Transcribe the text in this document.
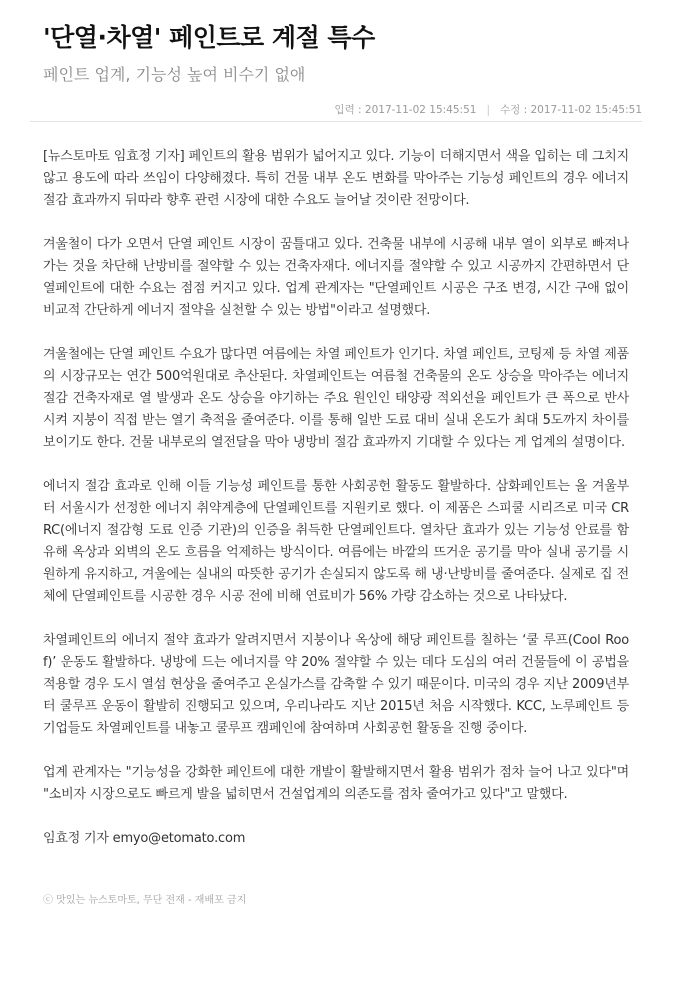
'단열·차열' 페인트로 계절 특수
페인트 업계, 기능성 높여 비수기 없애
입력 : 2017-11-02 15:45:51 | 수정 : 2017-11-02 15:45:51

[뉴스토마토 임효정 기자] 페인트의 활용 범위가 넓어지고 있다. 기능이 더해지면서 색을 입히는 데 그치지 않고 용도에 따라 쓰임이 다양해졌다. 특히 건물 내부 온도 변화를 막아주는 기능성 페인트의 경우 에너지 절감 효과까지 뒤따라 향후 관련 시장에 대한 수요도 늘어날 것이란 전망이다.

겨울철이 다가 오면서 단열 페인트 시장이 꿈틀대고 있다. 건축물 내부에 시공해 내부 열이 외부로 빠져나가는 것을 차단해 난방비를 절약할 수 있는 건축자재다. 에너지를 절약할 수 있고 시공까지 간편하면서 단열페인트에 대한 수요는 점점 커지고 있다. 업계 관계자는 "단열페인트 시공은 구조 변경, 시간 구애 없이 비교적 간단하게 에너지 절약을 실천할 수 있는 방법"이라고 설명했다.

겨울철에는 단열 페인트 수요가 많다면 여름에는 차열 페인트가 인기다. 차열 페인트, 코팅제 등 차열 제품의 시장규모는 연간 500억원대로 추산된다. 차열페인트는 여름철 건축물의 온도 상승을 막아주는 에너지 절감 건축자재로 열 발생과 온도 상승을 야기하는 주요 원인인 태양광 적외선을 페인트가 큰 폭으로 반사시켜 지붕이 직접 받는 열기 축적을 줄여준다. 이를 통해 일반 도료 대비 실내 온도가 최대 5도까지 차이를 보이기도 한다. 건물 내부로의 열전달을 막아 냉방비 절감 효과까지 기대할 수 있다는 게 업계의 설명이다.

에너지 절감 효과로 인해 이들 기능성 페인트를 통한 사회공헌 활동도 활발하다. 삼화페인트는 올 겨울부터 서울시가 선정한 에너지 취약계층에 단열페인트를 지원키로 했다. 이 제품은 스피쿨 시리즈로 미국 CRRC(에너지 절감형 도료 인증 기관)의 인증을 취득한 단열페인트다. 열차단 효과가 있는 기능성 안료를 함유해 옥상과 외벽의 온도 흐름을 억제하는 방식이다. 여름에는 바깥의 뜨거운 공기를 막아 실내 공기를 시원하게 유지하고, 겨울에는 실내의 따뜻한 공기가 손실되지 않도록 해 냉·난방비를 줄여준다. 실제로 집 전체에 단열페인트를 시공한 경우 시공 전에 비해 연료비가 56% 가량 감소하는 것으로 나타났다.

차열페인트의 에너지 절약 효과가 알려지면서 지붕이나 옥상에 해당 페인트를 칠하는 ‘쿨 루프(Cool Roof)’ 운동도 활발하다. 냉방에 드는 에너지를 약 20% 절약할 수 있는 데다 도심의 여러 건물들에 이 공법을 적용할 경우 도시 열섬 현상을 줄여주고 온실가스를 감축할 수 있기 때문이다. 미국의 경우 지난 2009년부터 쿨루프 운동이 활발히 진행되고 있으며, 우리나라도 지난 2015년 처음 시작했다. KCC, 노루페인트 등 기업들도 차열페인트를 내놓고 쿨루프 캠페인에 참여하며 사회공헌 활동을 진행 중이다.

업계 관계자는 "기능성을 강화한 페인트에 대한 개발이 활발해지면서 활용 범위가 점차 늘어 나고 있다"며 "소비자 시장으로도 빠르게 발을 넓히면서 건설업계의 의존도를 점차 줄여가고 있다"고 말했다.

임효정 기자 emyo@etomato.com

ⓒ 맛있는 뉴스토마토, 무단 전재 - 재배포 금지
